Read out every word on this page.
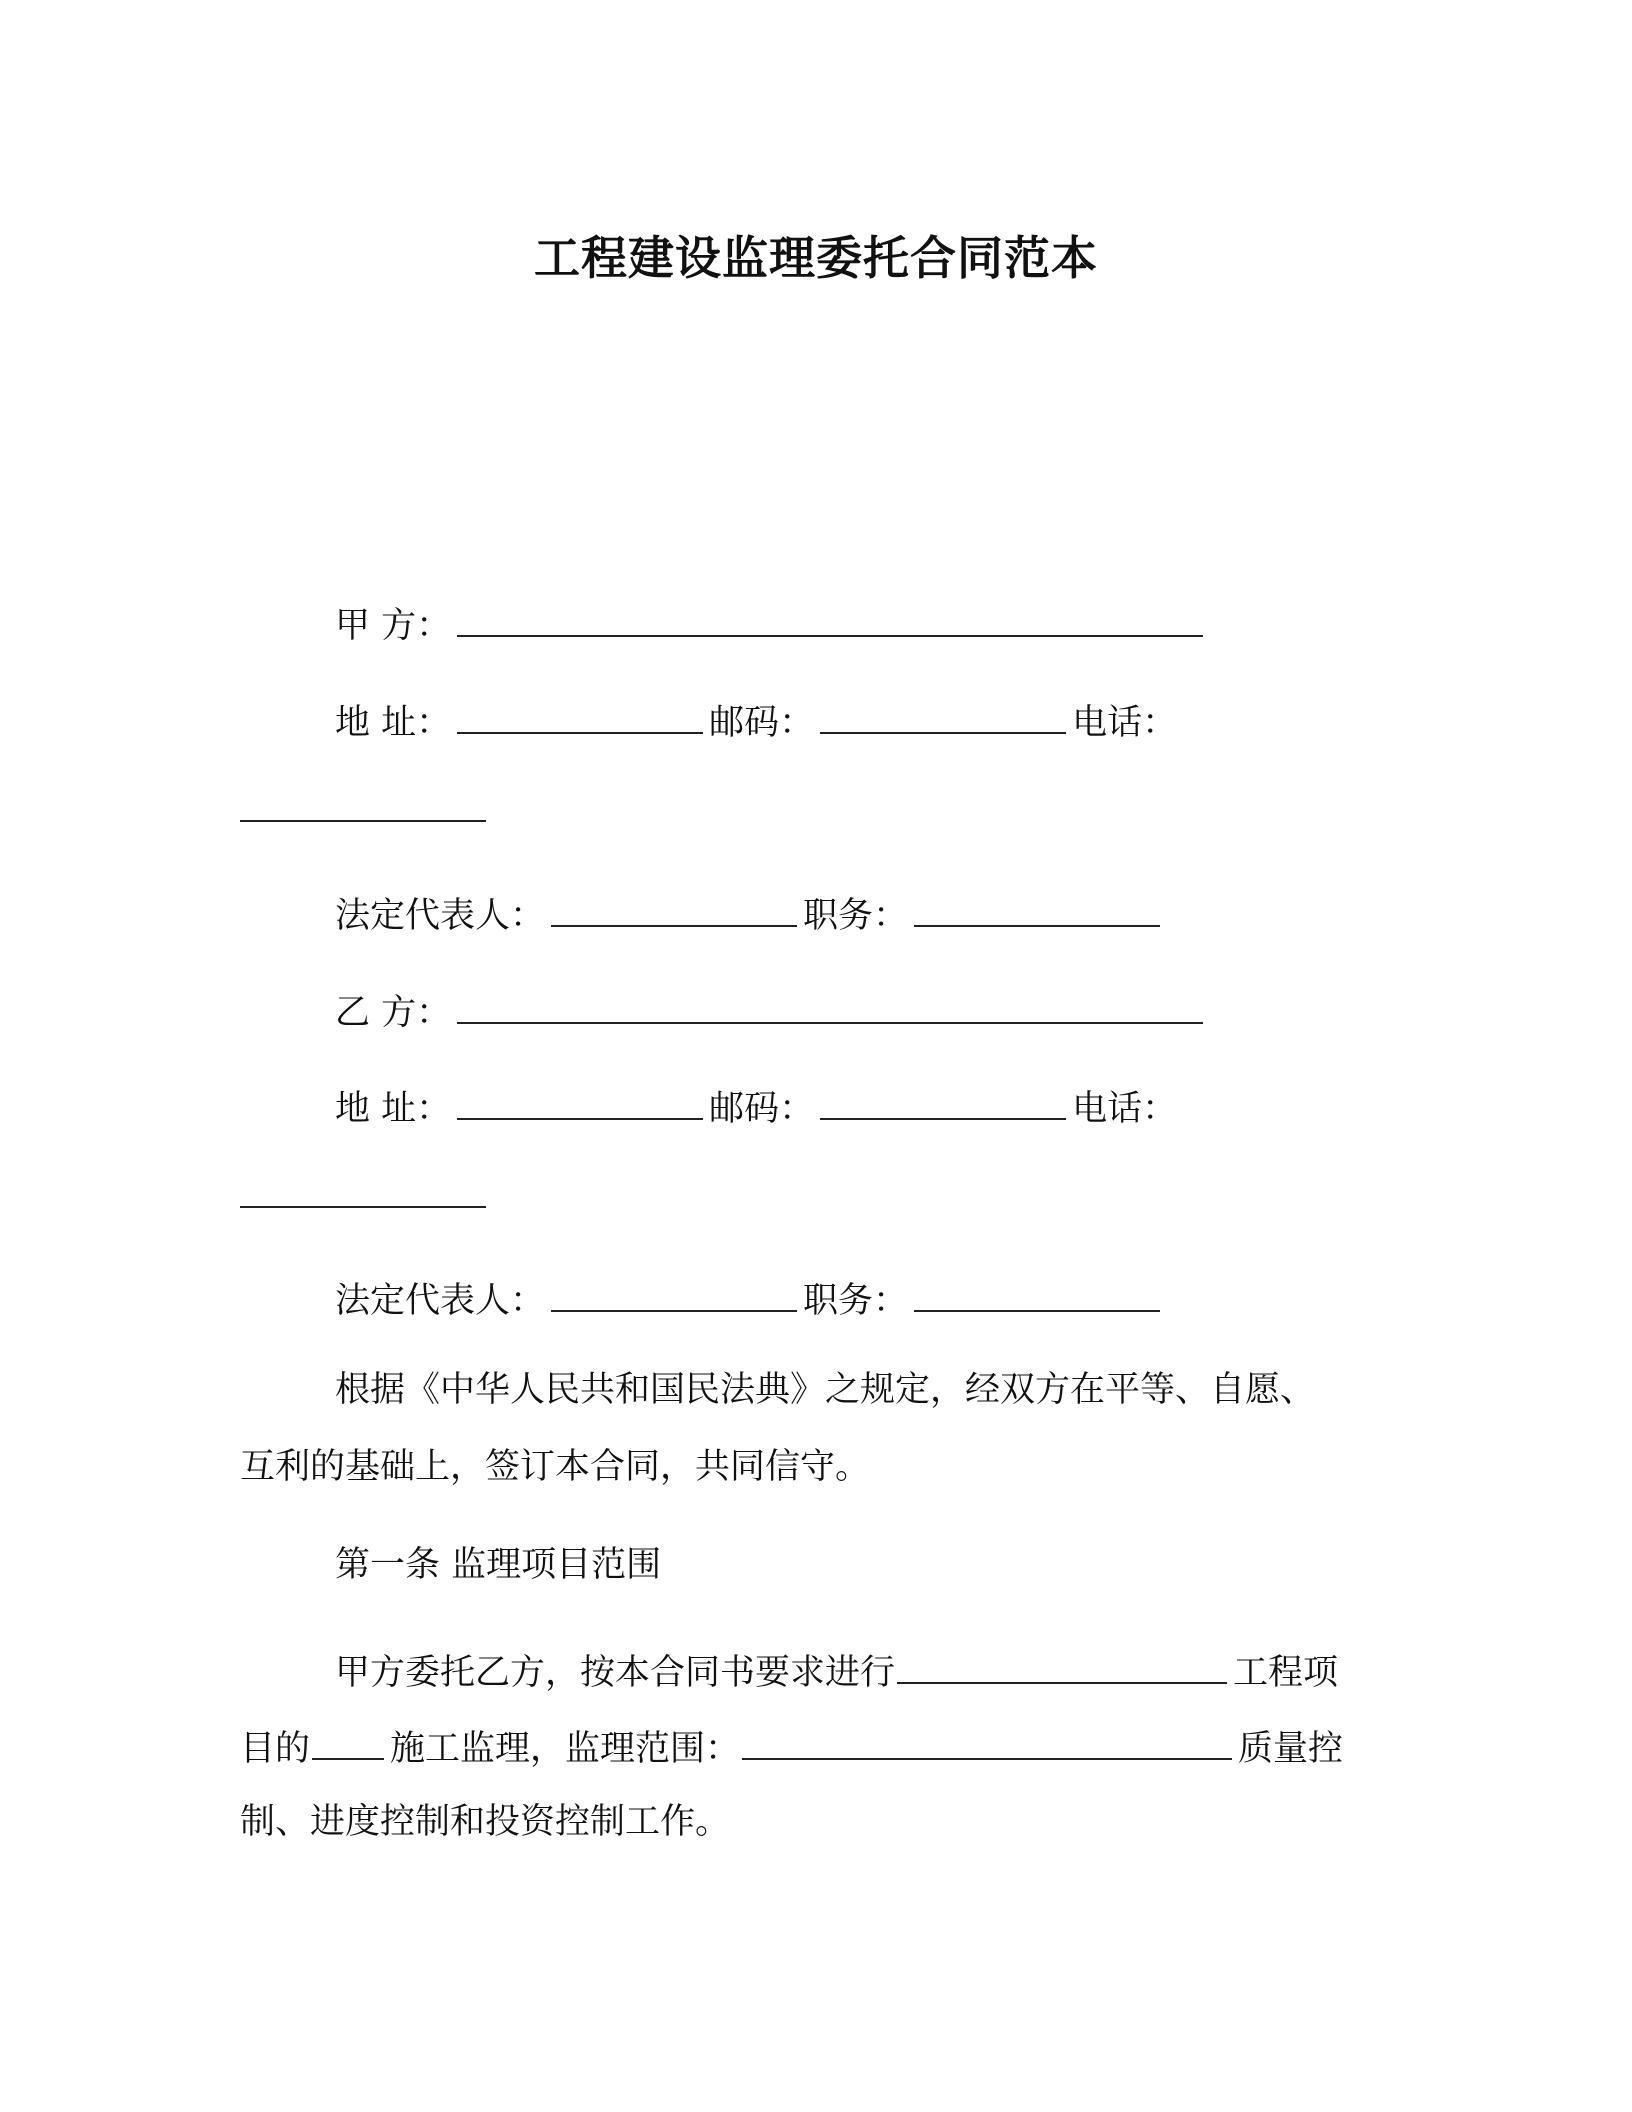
工程建设监理委托合同范本
甲 方：
地 址：	邮码：	电话：
法定代表人：	职务：
乙 方：
地 址：	邮码：	电话：
法定代表人：	职务：
根据《中华人民共和国民法典》之规定，经双方在平等、自愿、
互利的基础上，签订本合同，共同信守。
第一条 监理项目范围
甲方委托乙方，按本合同书要求进行	工程项
目的 施工监理，监理范围：	质量控
制、进度控制和投资控制工作。
